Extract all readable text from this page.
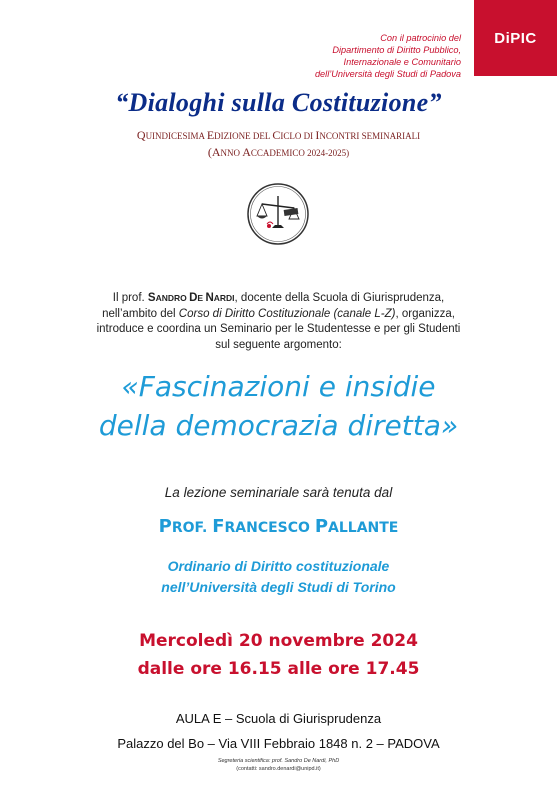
Con il patrocinio del
Dipartimento di Diritto Pubblico,
Internazionale e Comunitario
dell’Università degli Studi di Padova
DiPIC
“Dialoghi sulla Costituzione”
QUINDICESIMA EDIZIONE DEL CICLO DI INCONTRI SEMINARIALI
(ANNO ACCADEMICO 2024-2025)
Il prof. SANDRO DE NARDI, docente della Scuola di Giurisprudenza,
nell’ambito del Corso di Diritto Costituzionale (canale L-Z), organizza,
introduce e coordina un Seminario per le Studentesse e per gli Studenti
sul seguente argomento:
«Fascinazioni e insidie
della democrazia diretta»
La lezione seminariale sarà tenuta dal
PROF. FRANCESCO PALLANTE
Ordinario di Diritto costituzionale
nell’Università degli Studi di Torino
Mercoledì 20 novembre 2024
dalle ore 16.15 alle ore 17.45
AULA E – Scuola di Giurisprudenza
Palazzo del Bo – Via VIII Febbraio 1848 n. 2 – PADOVA
Segreteria scientifica: prof. Sandro De Nardi, PhD
(contatti: sandro.denardi@unipd.it)
